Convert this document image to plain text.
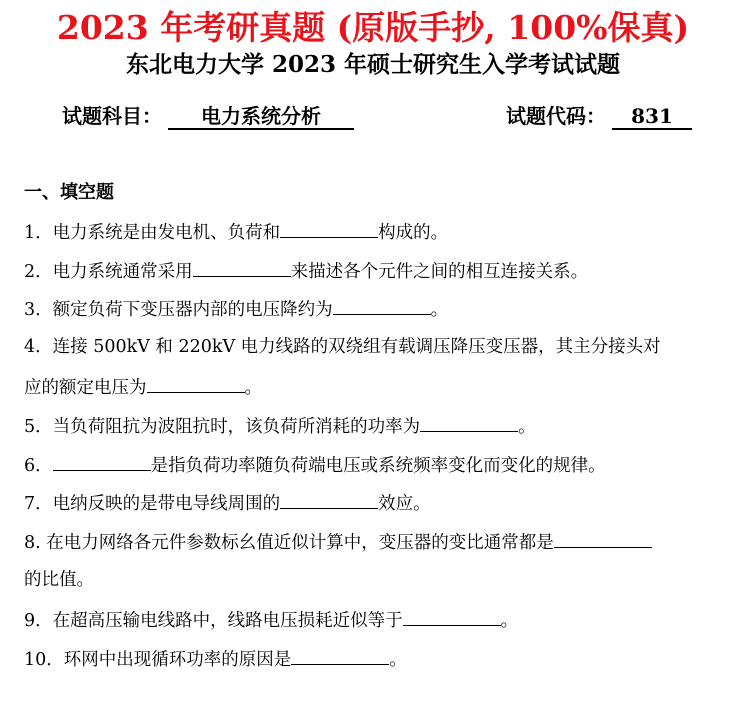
2023 年考研真题 (原版手抄, 100%保真)
东北电力大学 2023 年硕士研究生入学考试试题
试题科目： 电力系统分析	试题代码： 831
一、填空题
1．电力系统是由发电机、负荷和	构成的。
2．电力系统通常采用	来描述各个元件之间的相互连接关系。
3．额定负荷下变压器内部的电压降约为	。
4．连接 500kV 和 220kV 电力线路的双绕组有载调压降压变压器，其主分接头对
应的额定电压为	。
5．当负荷阻抗为波阻抗时，该负荷所消耗的功率为	。
6．	是指负荷功率随负荷端电压或系统频率变化而变化的规律。
7．电纳反映的是带电导线周围的	效应。
8. 在电力网络各元件参数标幺值近似计算中，变压器的变比通常都是
的比值。
9．在超高压输电线路中，线路电压损耗近似等于	。
10．环网中出现循环功率的原因是	。
